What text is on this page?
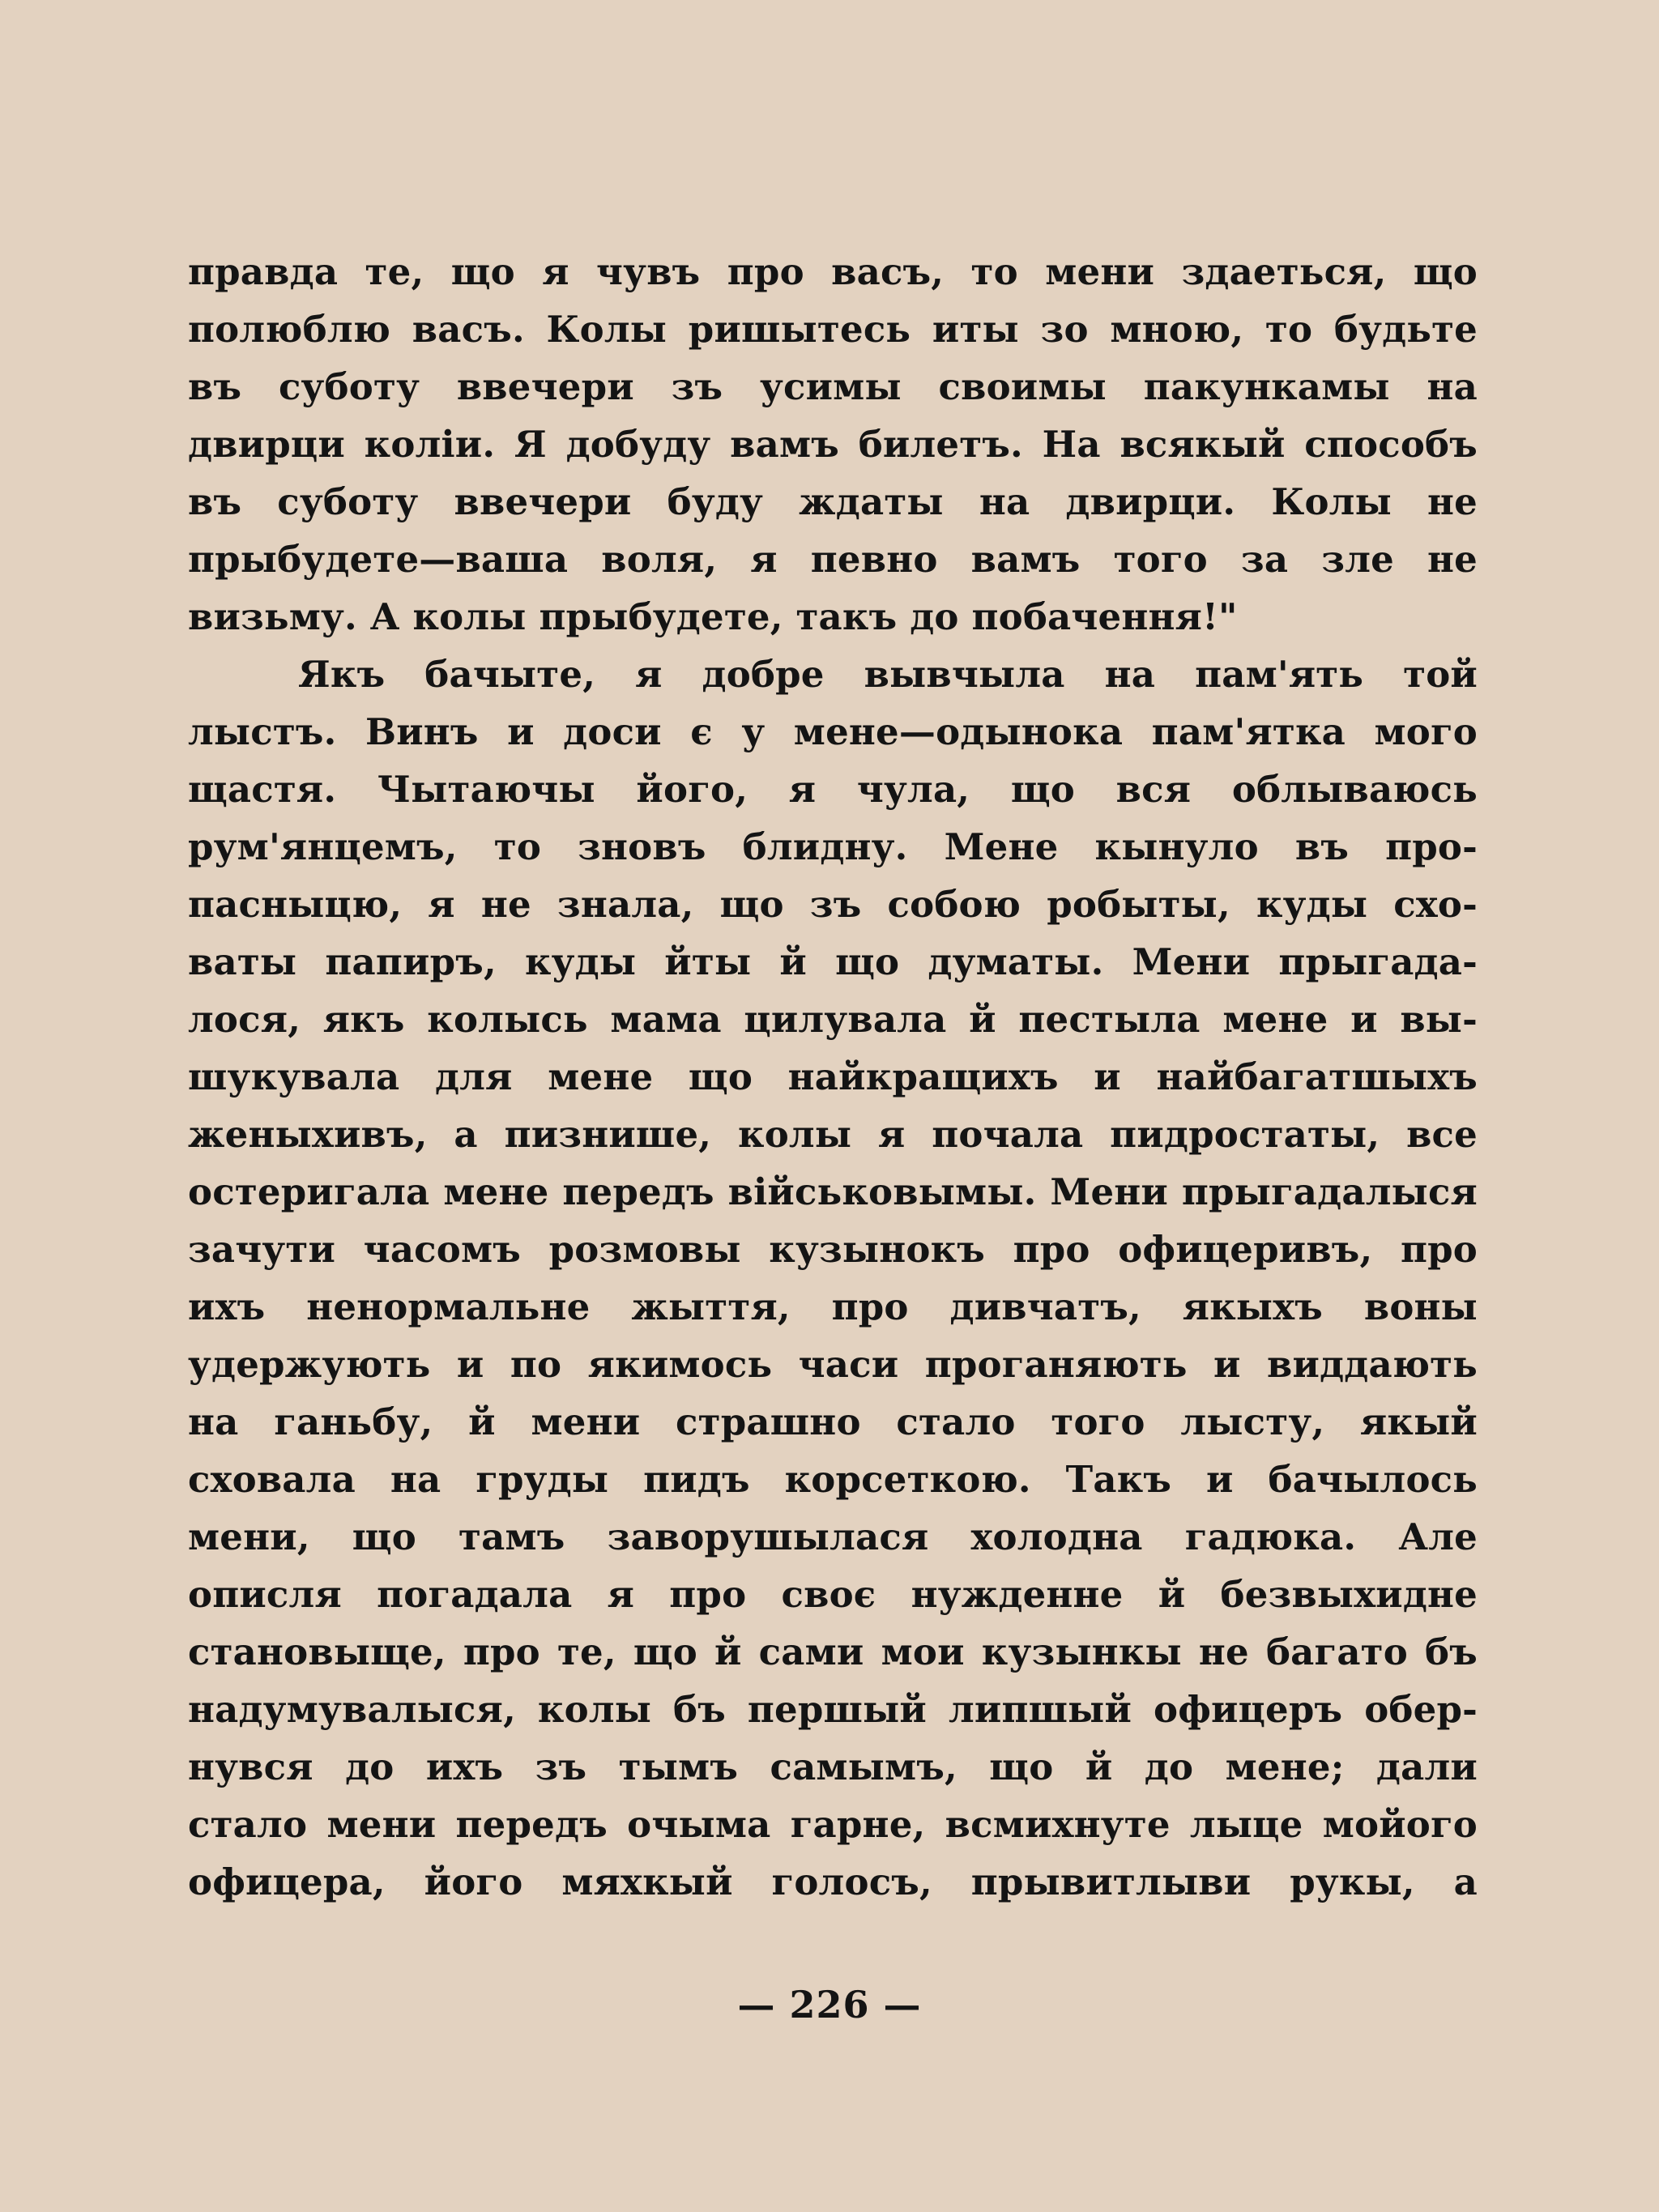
правда те, що я чувъ про васъ, то мени здаеться, що
полюблю васъ. Колы ришытесь иты зо мною, то будьте
въ суботу ввечери зъ усимы своимы пакункамы на
двирци коліи. Я добуду вамъ билетъ. На всякый способъ
въ суботу ввечери буду ждаты на двирци. Колы не
прыбудете—ваша воля, я певно вамъ того за зле не
визьму. А колы прыбудете, такъ до побачення!"
Якъ бачыте, я добре вывчыла на пам'ять той
лыстъ. Винъ и доси є у мене—одынока пам'ятка мого
щастя. Чытаючы його, я чула, що вся облываюсь
рум'янцемъ, то зновъ блидну. Мене кынуло въ про-
пасныцю, я не знала, що зъ собою робыты, куды схо-
ваты папиръ, куды йты й що думаты. Мени прыгада-
лося, якъ колысь мама цилувала й пестыла мене и вы-
шукувала для мене що найкращихъ и найбагатшыхъ
женыхивъ, а пизнише, колы я почала пидростаты, все
остеригала мене передъ військовымы. Мени прыгадалыся
зачути часомъ розмовы кузынокъ про офицеривъ, про
ихъ ненормальне жыття, про дивчатъ, якыхъ воны
удержують и по якимось часи проганяють и виддають
на ганьбу, й мени страшно стало того лысту, якый
сховала на груды пидъ корсеткою. Такъ и бачылось
мени, що тамъ заворушылася холодна гадюка. Але
описля погадала я про своє нужденне й безвыхидне
становыще, про те, що й сами мои кузынкы не багато бъ
надумувалыся, колы бъ першый липшый офицеръ обер-
нувся до ихъ зъ тымъ самымъ, що й до мене; дали
стало мени передъ очыма гарне, всмихнуте лыце мойого
офицера, його мяхкый голосъ, прывитлыви рукы, а
— 226 —
